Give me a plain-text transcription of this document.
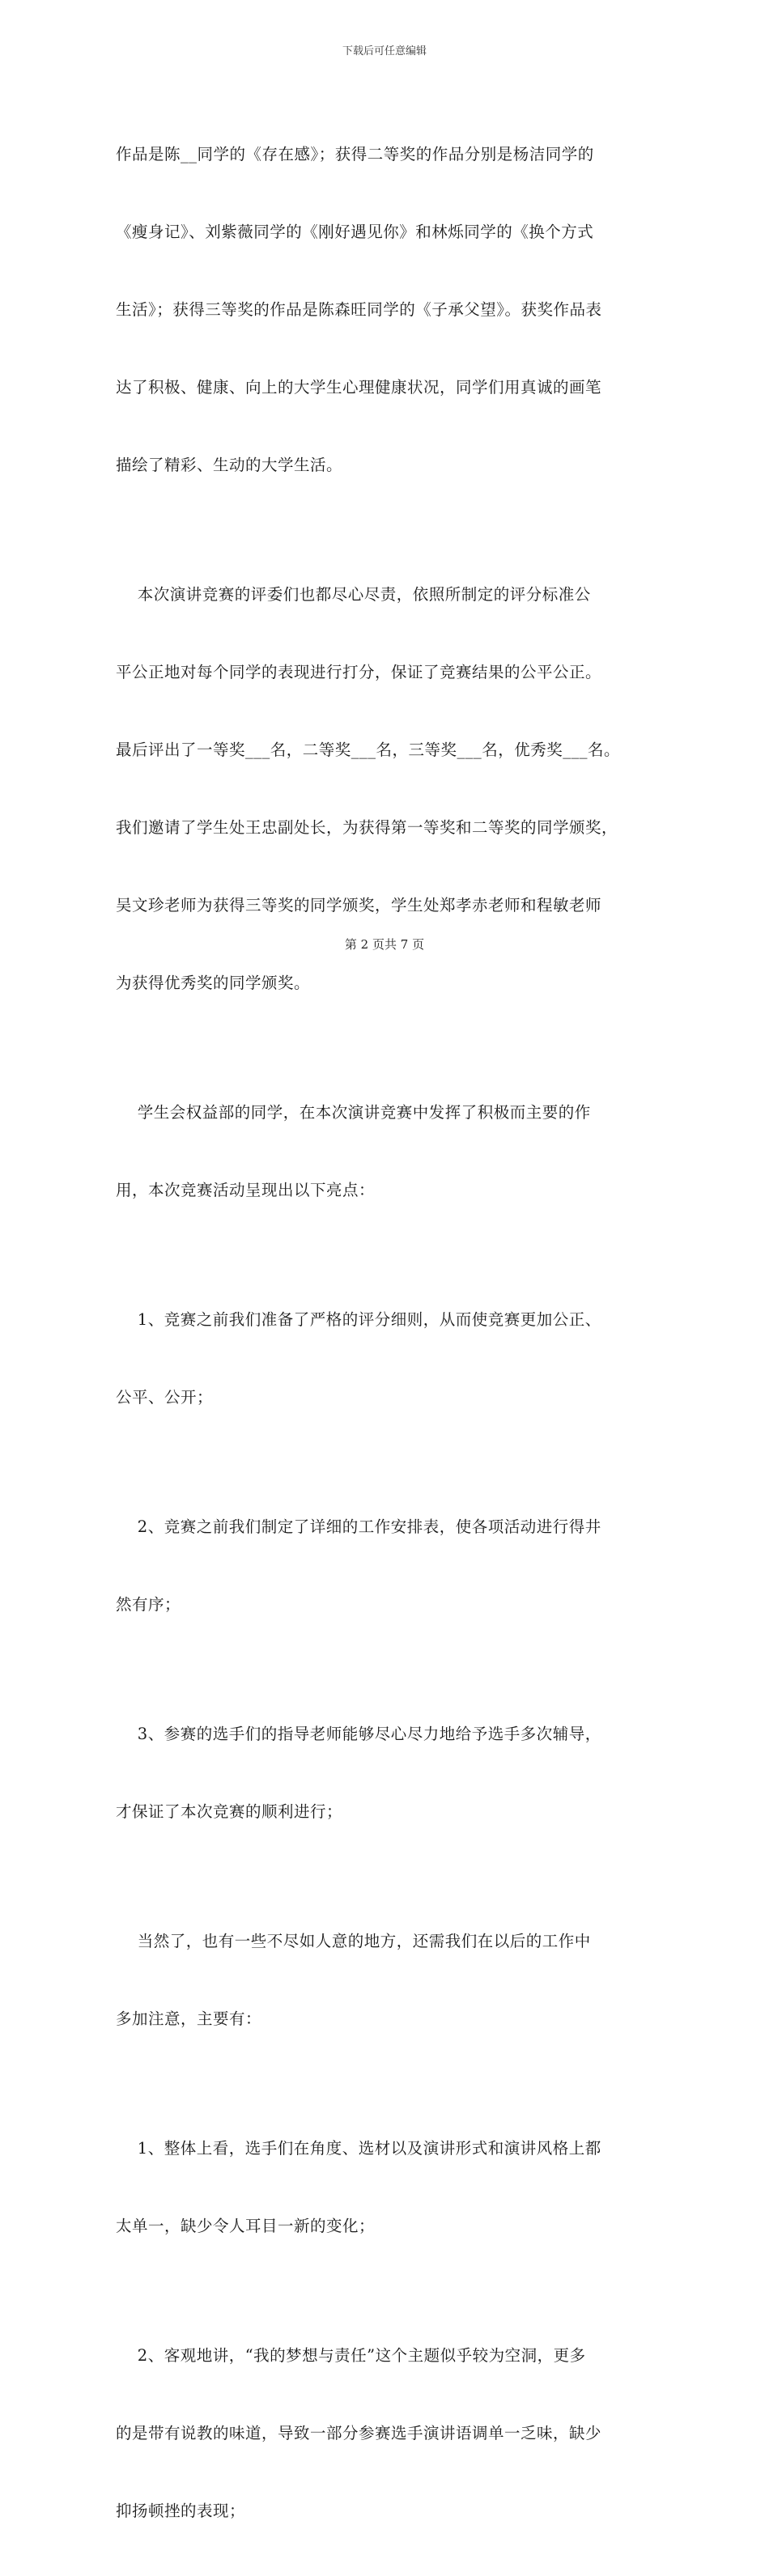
下载后可任意编辑

作品是陈__同学的《存在感》；获得二等奖的作品分别是杨洁同学的

《瘦身记》、刘紫薇同学的《刚好遇见你》和林烁同学的《换个方式

生活》；获得三等奖的作品是陈森旺同学的《子承父望》。获奖作品表

达了积极、健康、向上的大学生心理健康状况，同学们用真诚的画笔

描绘了精彩、生动的大学生活。

本次演讲竞赛的评委们也都尽心尽责，依照所制定的评分标准公

平公正地对每个同学的表现进行打分，保证了竞赛结果的公平公正。

最后评出了一等奖___名，二等奖___名，三等奖___名，优秀奖___名。

我们邀请了学生处王忠副处长，为获得第一等奖和二等奖的同学颁奖，

吴文珍老师为获得三等奖的同学颁奖，学生处郑孝赤老师和程敏老师

为获得优秀奖的同学颁奖。

学生会权益部的同学，在本次演讲竞赛中发挥了积极而主要的作

用，本次竞赛活动呈现出以下亮点：

1、竞赛之前我们准备了严格的评分细则，从而使竞赛更加公正、

公平、公开；

2、竞赛之前我们制定了详细的工作安排表，使各项活动进行得井

然有序；

3、参赛的选手们的指导老师能够尽心尽力地给予选手多次辅导，

才保证了本次竞赛的顺利进行；

当然了，也有一些不尽如人意的地方，还需我们在以后的工作中

多加注意，主要有：

1、整体上看，选手们在角度、选材以及演讲形式和演讲风格上都

太单一，缺少令人耳目一新的变化；

2、客观地讲，“我的梦想与责任”这个主题似乎较为空洞，更多

的是带有说教的味道，导致一部分参赛选手演讲语调单一乏味，缺少

抑扬顿挫的表现；

第 2 页共 7 页
